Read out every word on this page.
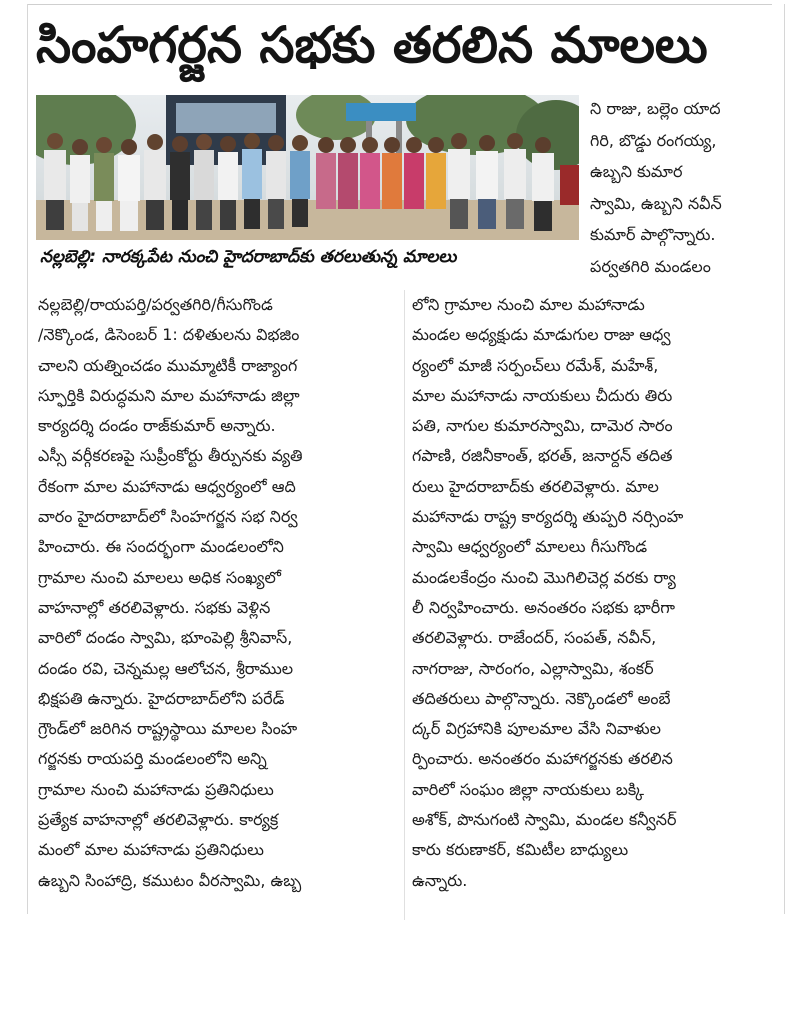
సింహగర్జన సభకు తరలిన మాలలు
నల్లబెల్లి: నారక్కపేట నుంచి హైదరాబాద్‌కు తరలుతున్న మాలలు
ని రాజు, బల్లెం యాద
గిరి, బొడ్డు రంగయ్య,
ఉబ్బని కుమార
స్వామి, ఉబ్బని నవీన్
కుమార్ పాల్గొన్నారు.
పర్వతగిరి మండలం
నల్లబెల్లి/రాయపర్తి/పర్వతగిరి/గీసుగొండ
/నెక్కొండ, డిసెంబర్ 1: దళితులను విభజిం
చాలని యత్నించడం ముమ్మాటికీ రాజ్యాంగ
స్ఫూర్తికి విరుద్ధమని మాల మహానాడు జిల్లా
కార్యదర్శి దండం రాజ్‌కుమార్ అన్నారు.
ఎస్సీ వర్గీకరణపై సుప్రీంకోర్టు తీర్పునకు వ్యతి
రేకంగా మాల మహానాడు ఆధ్వర్యంలో ఆది
వారం హైదరాబాద్‌లో సింహగర్జన సభ నిర్వ
హించారు. ఈ సందర్భంగా మండలంలోని
గ్రామాల నుంచి మాలలు అధిక సంఖ్యలో
వాహనాల్లో తరలివెళ్లారు. సభకు వెళ్లిన
వారిలో దండం స్వామి, భూంపెల్లి శ్రీనివాస్,
దండం రవి, చెన్నమల్ల ఆలోచన, శ్రీరాముల
భిక్షపతి ఉన్నారు. హైదరాబాద్‌లోని పరేడ్
గ్రౌండ్‌లో జరిగిన రాష్ట్రస్థాయి మాలల సింహ
గర్జనకు రాయపర్తి మండలంలోని అన్ని
గ్రామాల నుంచి మహానాడు ప్రతినిధులు
ప్రత్యేక వాహనాల్లో తరలివెళ్లారు. కార్యక్ర
మంలో మాల మహానాడు ప్రతినిధులు
ఉబ్బని సింహాద్రి, కముటం వీరస్వామి, ఉబ్బ
లోని గ్రామాల నుంచి మాల మహానాడు
మండల అధ్యక్షుడు మాడుగుల రాజు ఆధ్వ
ర్యంలో మాజీ సర్పంచ్‌లు రమేశ్, మహేశ్,
మాల మహానాడు నాయకులు చీదురు తిరు
పతి, నాగుల కుమారస్వామి, దామెర సారం
గపాణి, రజినీకాంత్, భరత్, జనార్దన్ తదిత
రులు హైదరాబాద్‌కు తరలివెళ్లారు. మాల
మహానాడు రాష్ట్ర కార్యదర్శి తుప్పరి నర్సింహ
స్వామి ఆధ్వర్యంలో మాలలు గీసుగొండ
మండలకేంద్రం నుంచి మొగిలిచెర్ల వరకు ర్యా
లీ నిర్వహించారు. అనంతరం సభకు భారీగా
తరలివెళ్లారు. రాజేందర్, సంపత్, నవీన్,
నాగరాజు, సారంగం, ఎల్లాస్వామి, శంకర్
తదితరులు పాల్గొన్నారు. నెక్కొండలో అంబే
ద్కర్ విగ్రహానికి పూలమాల వేసి నివాళుల
ర్పించారు. అనంతరం మహాగర్జనకు తరలిన
వారిలో సంఘం జిల్లా నాయకులు బక్కి
అశోక్, పొనుగంటి స్వామి, మండల కన్వీనర్
కారు కరుణాకర్, కమిటీల బాధ్యులు
ఉన్నారు.
